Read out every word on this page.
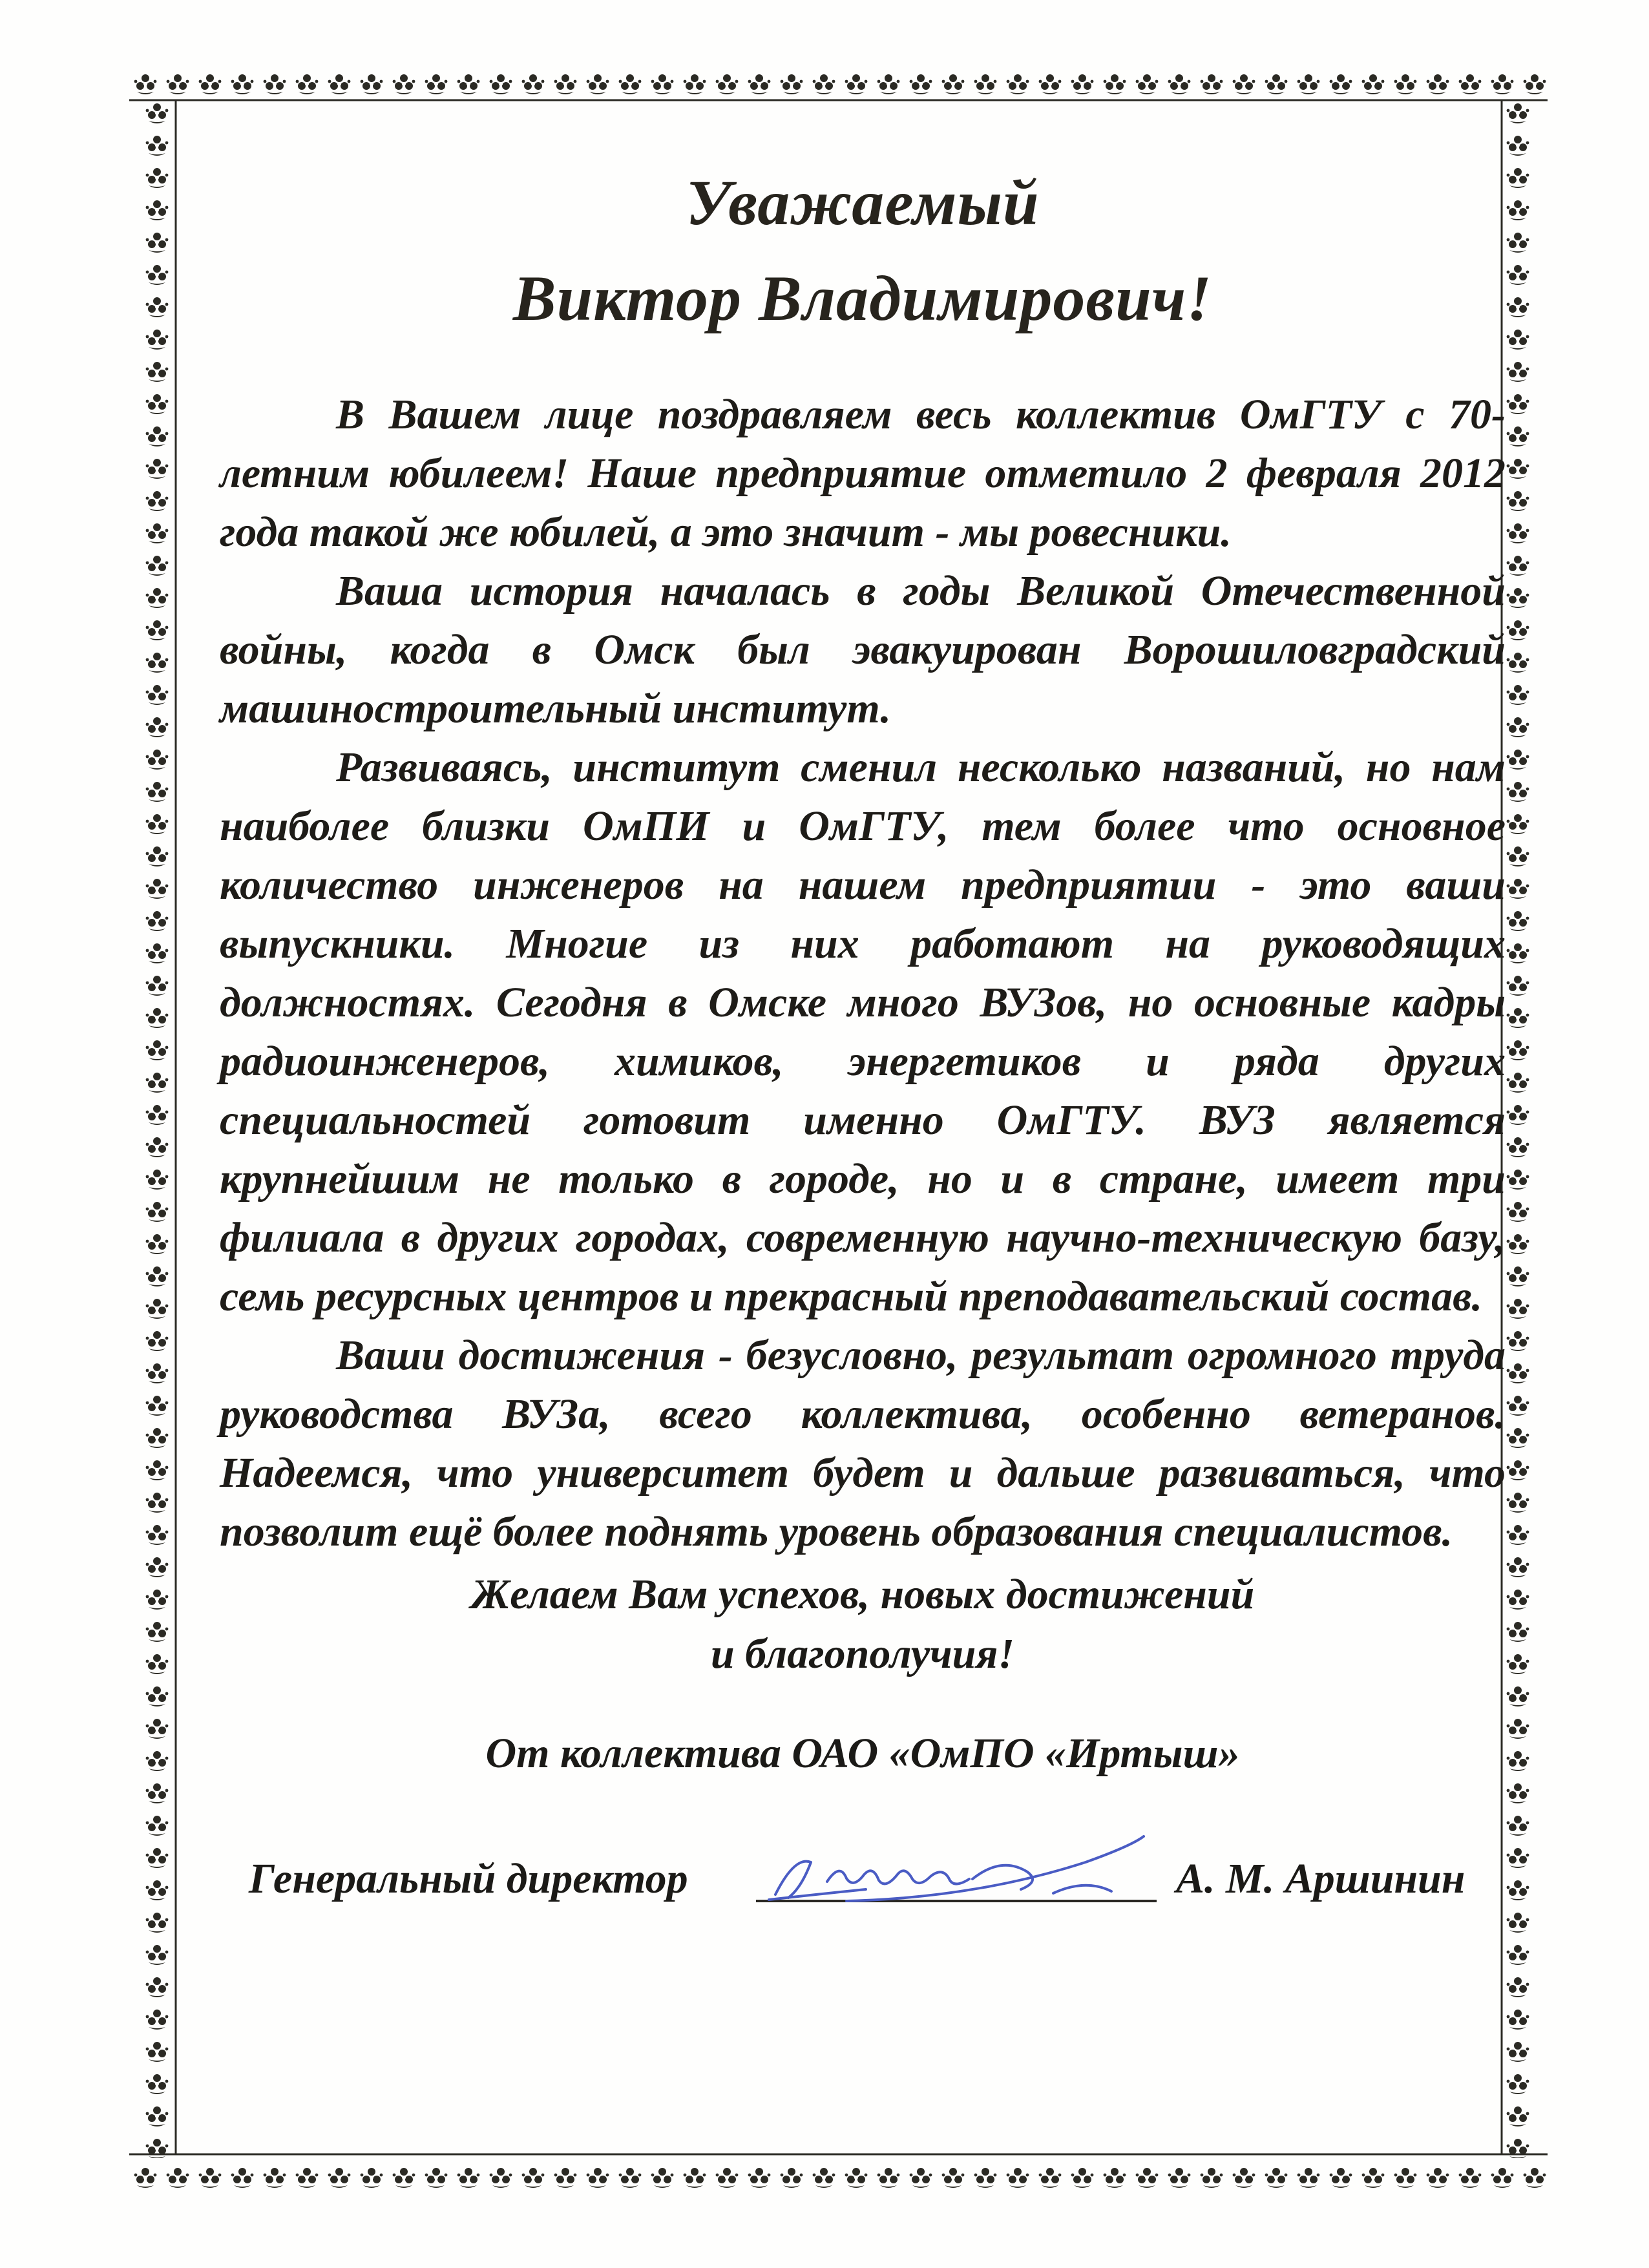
Уважаемый
Виктор Владимирович!

В Вашем лице поздравляем весь коллектив ОмГТУ с 70-летним юбилеем! Наше предприятие отметило 2 февраля 2012 года такой же юбилей, а это значит - мы ровесники.

Ваша история началась в годы Великой Отечественной войны, когда в Омск был эвакуирован Ворошиловградский машиностроительный институт.

Развиваясь, институт сменил несколько названий, но нам наиболее близки ОмПИ и ОмГТУ, тем более что основное количество инженеров на нашем предприятии - это ваши выпускники. Многие из них работают на руководящих должностях. Сегодня в Омске много ВУЗов, но основные кадры радиоинженеров, химиков, энергетиков и ряда других специальностей готовит именно ОмГТУ. ВУЗ является крупнейшим не только в городе, но и в стране, имеет три филиала в других городах, современную научно-техническую базу, семь ресурсных центров и прекрасный преподавательский состав.

Ваши достижения - безусловно, результат огромного труда руководства ВУЗа, всего коллектива, особенно ветеранов. Надеемся, что университет будет и дальше развиваться, что позволит ещё более поднять уровень образования специалистов.

Желаем Вам успехов, новых достижений
и благополучия!
От коллектива ОАО «ОмПО «Иртыш»
Генеральный директор	А. М. Аршинин
